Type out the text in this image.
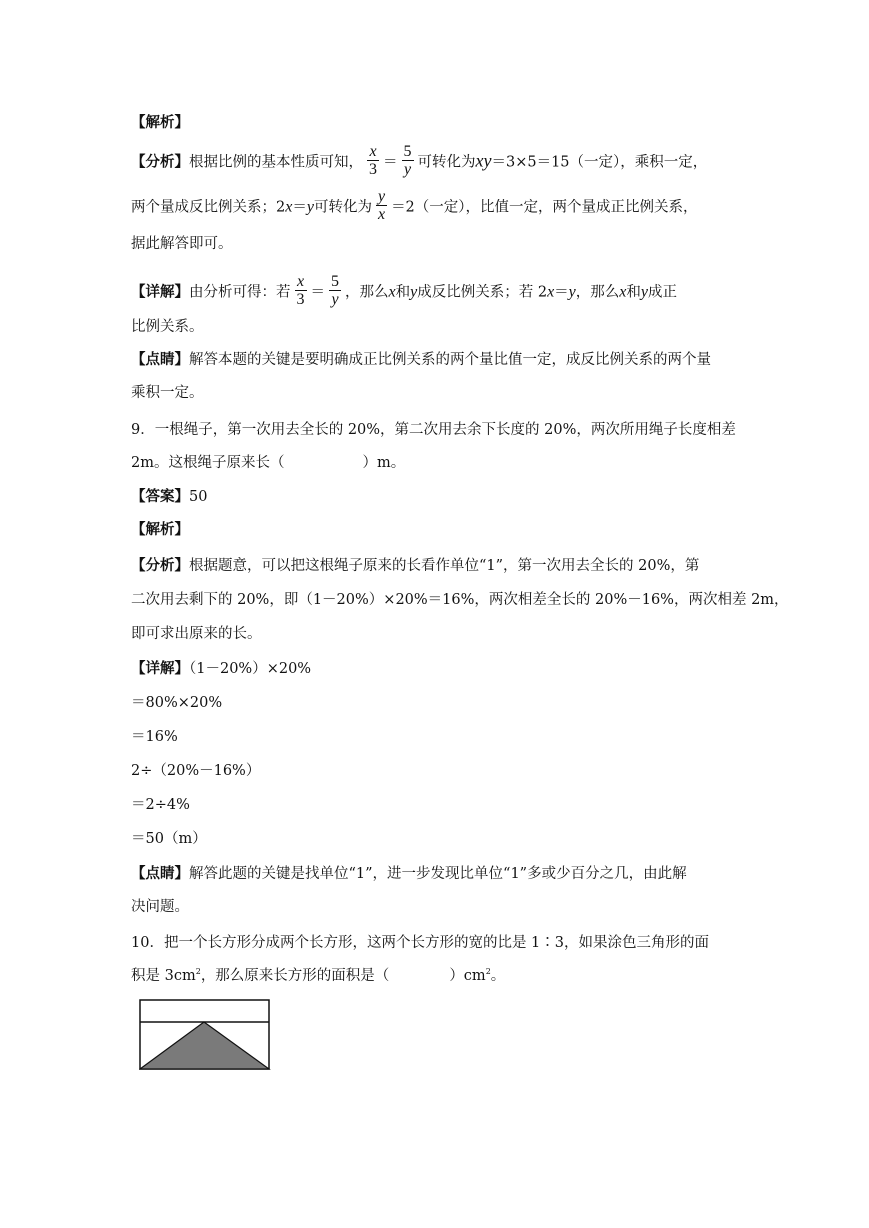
【解析】
【分析】根据比例的基本性质可知， $\frac{x}{3} = \frac{5}{y}$ 可转化为xy＝3×5＝15（一定），乘积一定，
两个量成反比例关系；2x＝y可转化为 $\frac{y}{x} =2$（一定），比值一定，两个量成正比例关系，
据此解答即可。
【详解】由分析可得：若 $\frac{x}{3} = \frac{5}{y}$ ，那么x和y成反比例关系；若 2x＝y，那么x和y成正
比例关系。
【点睛】解答本题的关键是要明确成正比例关系的两个量比值一定，成反比例关系的两个量
乘积一定。
9．一根绳子，第一次用去全长的 20%，第二次用去余下长度的 20%，两次所用绳子长度相差
2m。这根绳子原来长（	）m。
【答案】50
【解析】
【分析】根据题意，可以把这根绳子原来的长看作单位“1”，第一次用去全长的 20%，第
二次用去剩下的 20%，即（1－20%）×20%＝16%，两次相差全长的 20%－16%，两次相差 2m，
即可求出原来的长。
【详解】（1－20%）×20%
＝80%×20%
＝16%
2÷（20%－16%）
＝2÷4%
＝50（m）
【点睛】解答此题的关键是找单位“1”，进一步发现比单位“1”多或少百分之几，由此解
决问题。
10．把一个长方形分成两个长方形，这两个长方形的宽的比是 1∶3，如果涂色三角形的面
积是 $3cm^2$，那么原来长方形的面积是（	）$cm^2$。
